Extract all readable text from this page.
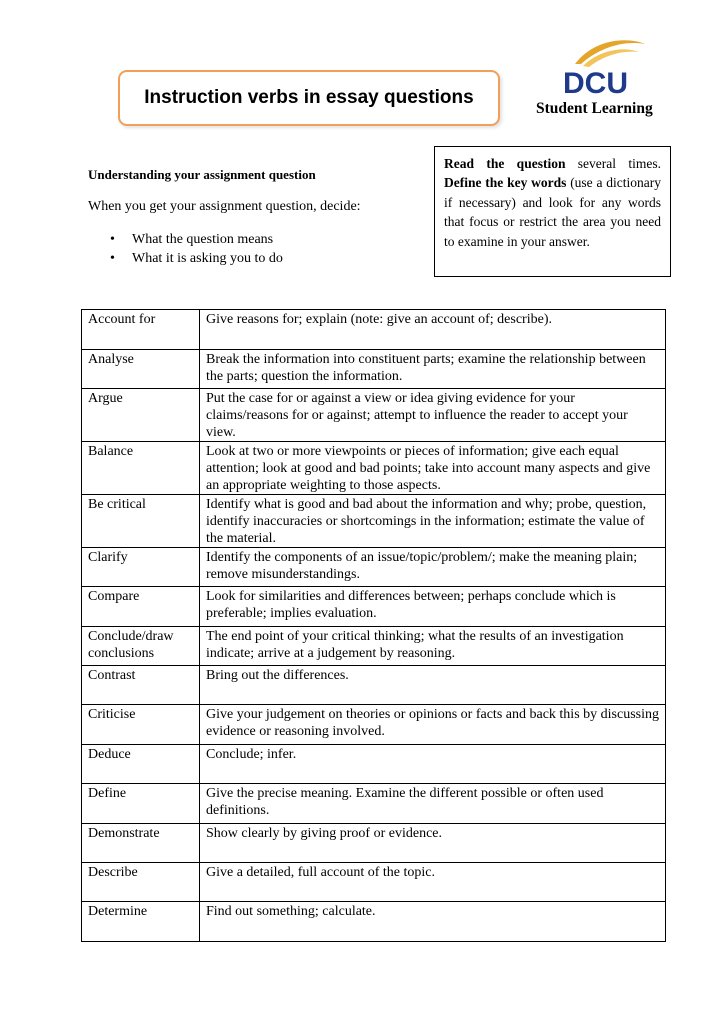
Instruction verbs in essay questions	DCU
Student Learning
Understanding your assignment question
When you get your assignment question, decide:
• What the question means
• What it is asking you to do
Read the question several times. Define the key words (use a dictionary if necessary) and look for any words that focus or restrict the area you need to examine in your answer.
Account for	Give reasons for; explain (note: give an account of; describe).
Analyse	Break the information into constituent parts; examine the relationship between the parts; question the information.
Argue	Put the case for or against a view or idea giving evidence for your claims/reasons for or against; attempt to influence the reader to accept your view.
Balance	Look at two or more viewpoints or pieces of information; give each equal attention; look at good and bad points; take into account many aspects and give an appropriate weighting to those aspects.
Be critical	Identify what is good and bad about the information and why; probe, question, identify inaccuracies or shortcomings in the information; estimate the value of the material.
Clarify	Identify the components of an issue/topic/problem/; make the meaning plain; remove misunderstandings.
Compare	Look for similarities and differences between; perhaps conclude which is preferable; implies evaluation.
Conclude/draw conclusions	The end point of your critical thinking; what the results of an investigation indicate; arrive at a judgement by reasoning.
Contrast	Bring out the differences.
Criticise	Give your judgement on theories or opinions or facts and back this by discussing evidence or reasoning involved.
Deduce	Conclude; infer.
Define	Give the precise meaning. Examine the different possible or often used definitions.
Demonstrate	Show clearly by giving proof or evidence.
Describe	Give a detailed, full account of the topic.
Determine	Find out something; calculate.
